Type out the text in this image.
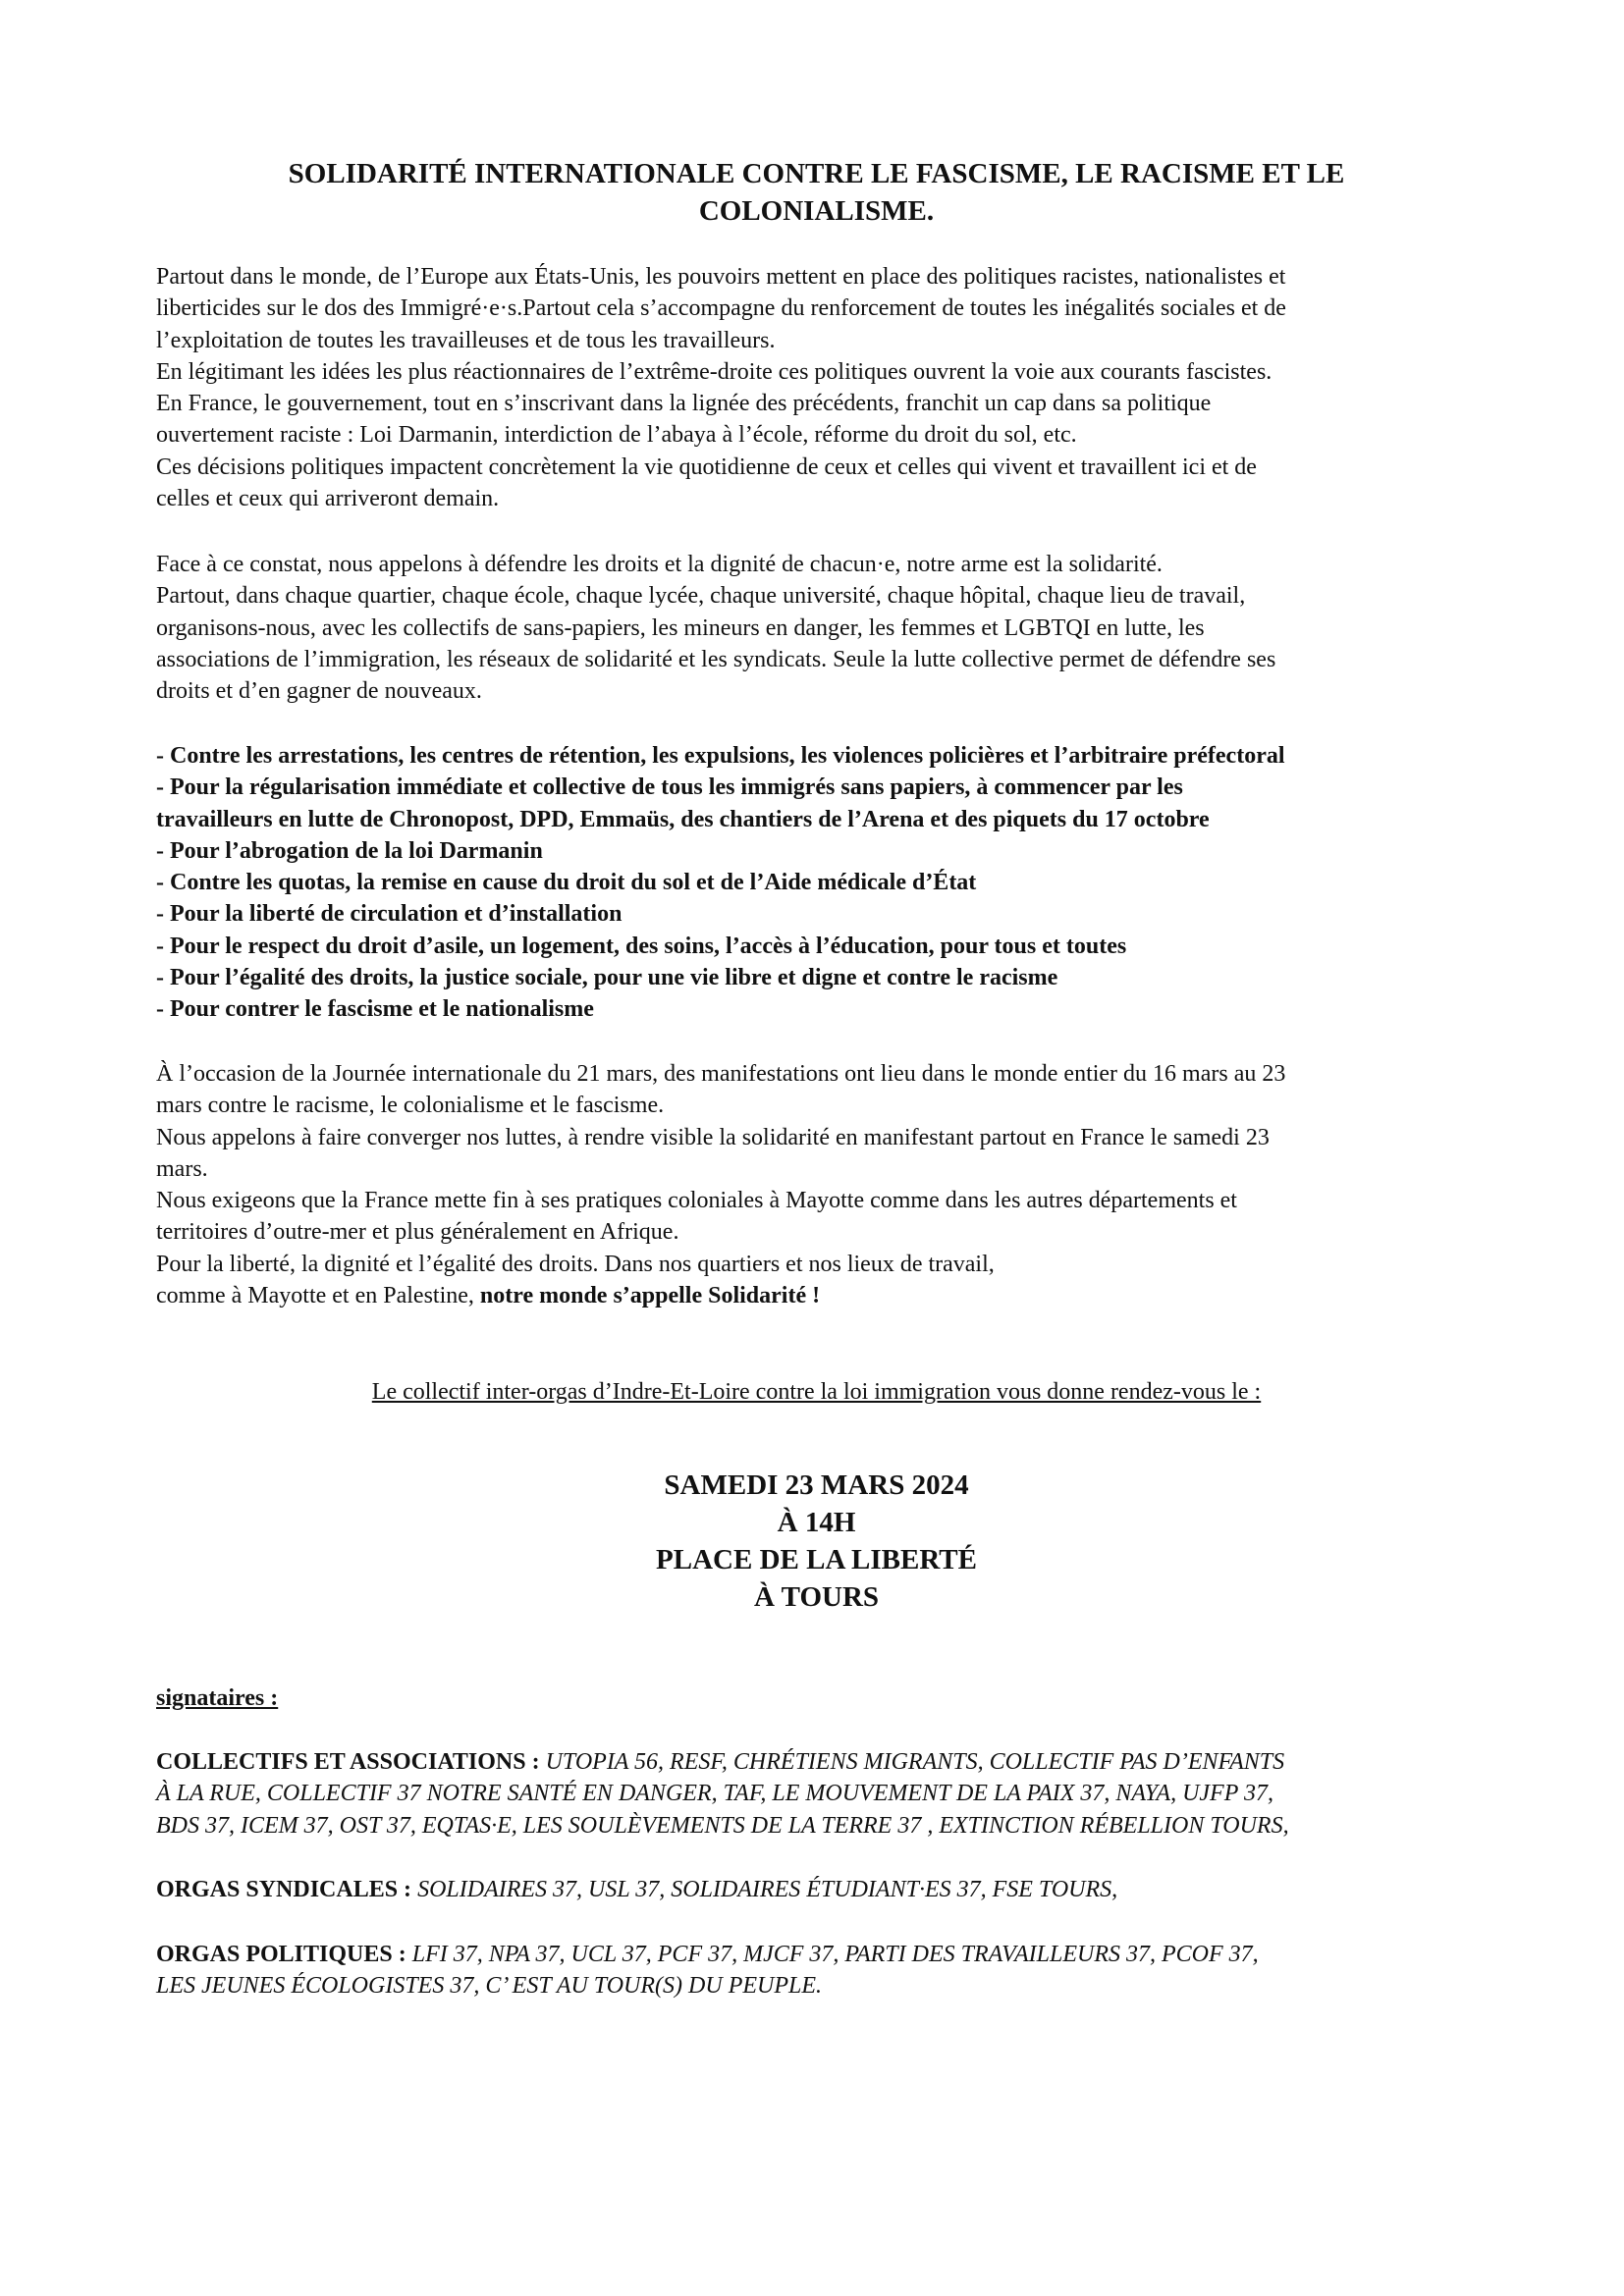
SOLIDARITÉ INTERNATIONALE CONTRE LE FASCISME, LE RACISME ET LE
COLONIALISME.
Partout dans le monde, de l’Europe aux États-Unis, les pouvoirs mettent en place des politiques racistes, nationalistes et
liberticides sur le dos des Immigré·e·s.Partout cela s’accompagne du renforcement de toutes les inégalités sociales et de
l’exploitation de toutes les travailleuses et de tous les travailleurs.
En légitimant les idées les plus réactionnaires de l’extrême-droite ces politiques ouvrent la voie aux courants fascistes.
En France, le gouvernement, tout en s’inscrivant dans la lignée des précédents, franchit un cap dans sa politique
ouvertement raciste : Loi Darmanin, interdiction de l’abaya à l’école, réforme du droit du sol, etc.
Ces décisions politiques impactent concrètement la vie quotidienne de ceux et celles qui vivent et travaillent ici et de
celles et ceux qui arriveront demain.
Face à ce constat, nous appelons à défendre les droits et la dignité de chacun·e, notre arme est la solidarité.
Partout, dans chaque quartier, chaque école, chaque lycée, chaque université, chaque hôpital, chaque lieu de travail,
organisons-nous, avec les collectifs de sans-papiers, les mineurs en danger, les femmes et LGBTQI en lutte, les
associations de l’immigration, les réseaux de solidarité et les syndicats. Seule la lutte collective permet de défendre ses
droits et d’en gagner de nouveaux.
- Contre les arrestations, les centres de rétention, les expulsions, les violences policières et l’arbitraire préfectoral
- Pour la régularisation immédiate et collective de tous les immigrés sans papiers, à commencer par les
travailleurs en lutte de Chronopost, DPD, Emmaüs, des chantiers de l’Arena et des piquets du 17 octobre
- Pour l’abrogation de la loi Darmanin
- Contre les quotas, la remise en cause du droit du sol et de l’Aide médicale d’État
- Pour la liberté de circulation et d’installation
- Pour le respect du droit d’asile, un logement, des soins, l’accès à l’éducation, pour tous et toutes
- Pour l’égalité des droits, la justice sociale, pour une vie libre et digne et contre le racisme
- Pour contrer le fascisme et le nationalisme
À l’occasion de la Journée internationale du 21 mars, des manifestations ont lieu dans le monde entier du 16 mars au 23
mars contre le racisme, le colonialisme et le fascisme.
Nous appelons à faire converger nos luttes, à rendre visible la solidarité en manifestant partout en France le samedi 23
mars.
Nous exigeons que la France mette fin à ses pratiques coloniales à Mayotte comme dans les autres départements et
territoires d’outre-mer et plus généralement en Afrique.
Pour la liberté, la dignité et l’égalité des droits. Dans nos quartiers et nos lieux de travail,
comme à Mayotte et en Palestine, notre monde s’appelle Solidarité !
Le collectif inter-orgas d’Indre-Et-Loire contre la loi immigration vous donne rendez-vous le :
SAMEDI 23 MARS 2024
À 14H
PLACE DE LA LIBERTÉ
À TOURS
signataires :
COLLECTIFS ET ASSOCIATIONS : UTOPIA 56, RESF, CHRÉTIENS MIGRANTS, COLLECTIF PAS D’ENFANTS
À LA RUE, COLLECTIF 37 NOTRE SANTÉ EN DANGER, TAF, LE MOUVEMENT DE LA PAIX 37, NAYA, UJFP 37,
BDS 37, ICEM 37, OST 37, EQTAS·E, LES SOULÈVEMENTS DE LA TERRE 37 , EXTINCTION RÉBELLION TOURS,
ORGAS SYNDICALES : SOLIDAIRES 37, USL 37, SOLIDAIRES ÉTUDIANT·ES 37, FSE TOURS,
ORGAS POLITIQUES : LFI 37, NPA 37, UCL 37, PCF 37, MJCF 37, PARTI DES TRAVAILLEURS 37, PCOF 37,
LES JEUNES ÉCOLOGISTES 37, C’ EST AU TOUR(S) DU PEUPLE.
